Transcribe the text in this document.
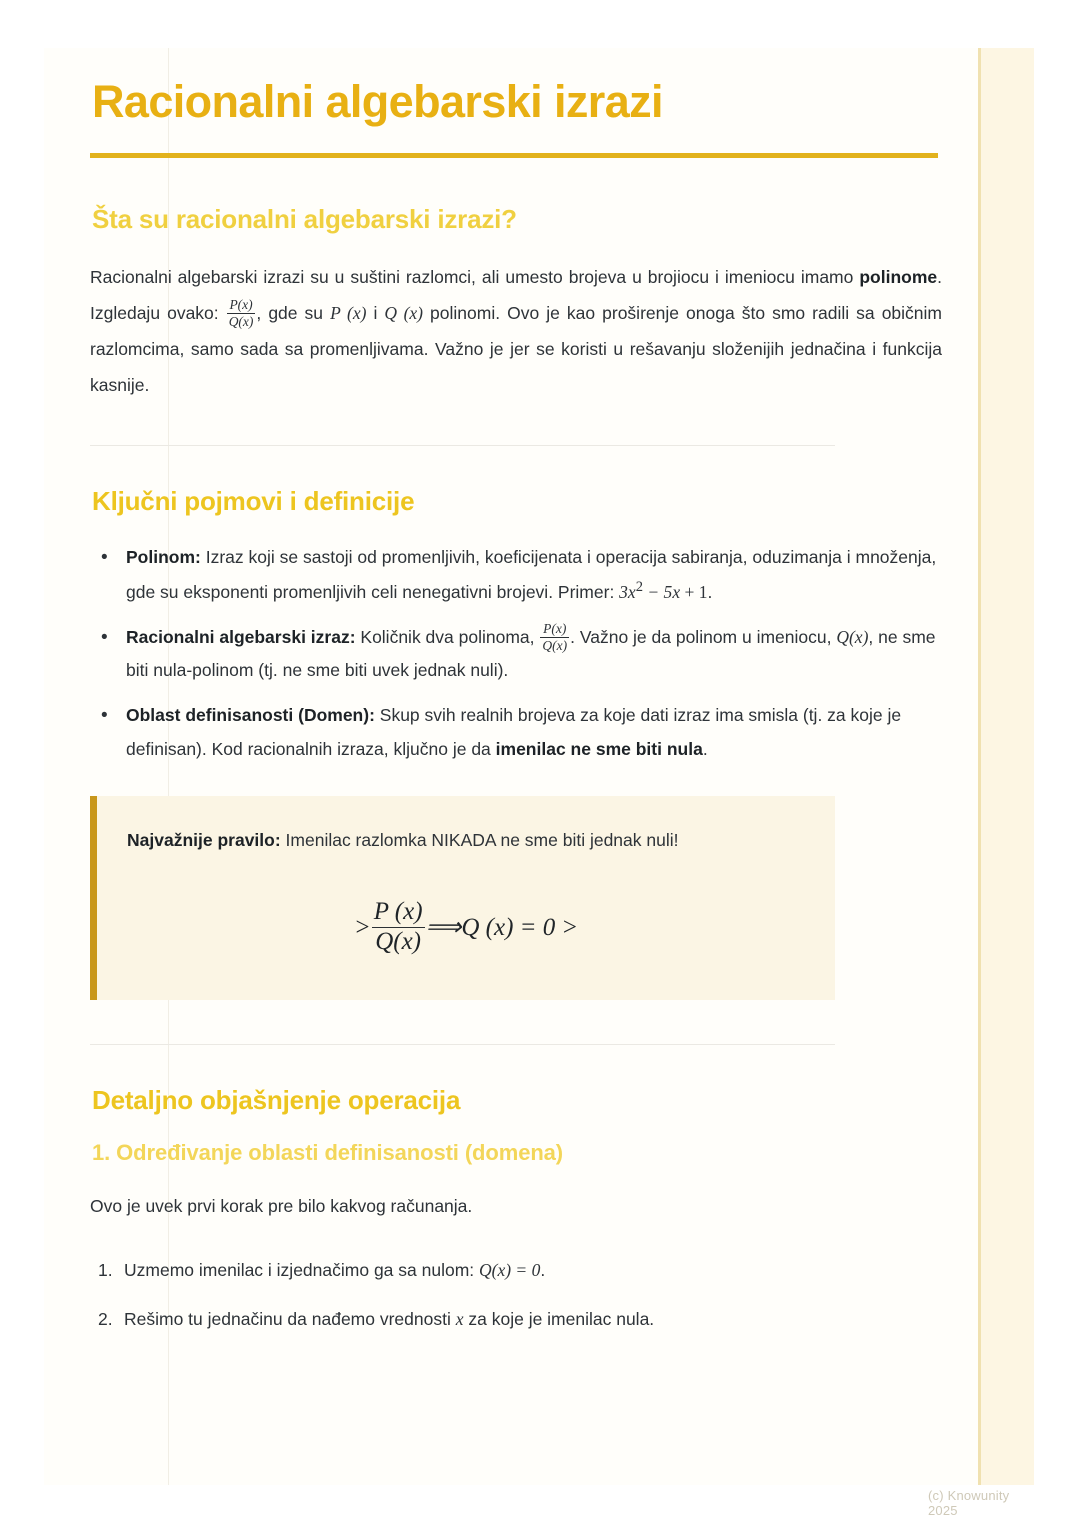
Racionalni algebarski izrazi
Šta su racionalni algebarski izrazi?

Racionalni algebarski izrazi su u suštini razlomci, ali umesto brojeva u brojiocu i imeniocu imamo polinome. Izgledaju ovako: $\frac{P(x)}{Q(x)}$ , gde su P (x) i Q (x) polinomi. Ovo je kao proširenje onoga što smo radili sa običnim razlomcima, samo sada sa promenljivama. Važno je jer se koristi u rešavanju složenijih jednačina i funkcija kasnije.

Ključni pojmovi i definicije
• Polinom: Izraz koji se sastoji od promenljivih, koeficijenata i operacija sabiranja, oduzimanja i množenja, gde su eksponenti promenljivih celi nenegativni brojevi. Primer: $3x^2 - 5x + 1$.
• Racionalni algebarski izraz: Količnik dva polinoma, $\frac{P(x)}{Q(x)}$ . Važno je da polinom u imeniocu, Q(x), ne sme biti nula-polinom (tj. ne sme biti uvek jednak nuli).
• Oblast definisanosti (Domen): Skup svih realnih brojeva za koje dati izraz ima smisla (tj. za koje je definisan). Kod racionalnih izraza, ključno je da imenilac ne sme biti nula.

Najvažnije pravilo: Imenilac razlomka NIKADA ne sme biti jednak nuli!

> $\frac{P (x)}{Q(x)}$ ⟹Q (x) = 0 >
Detaljno objašnjenje operacija
1. Određivanje oblasti definisanosti (domena)

Ovo je uvek prvi korak pre bilo kakvog računanja.

Uzmemo imenilac i izjednačimo ga sa nulom: Q(x) = 0.
Rešimo tu jednačinu da nađemo vrednosti x za koje je imenilac nula.
(c) Knowunity 2025
